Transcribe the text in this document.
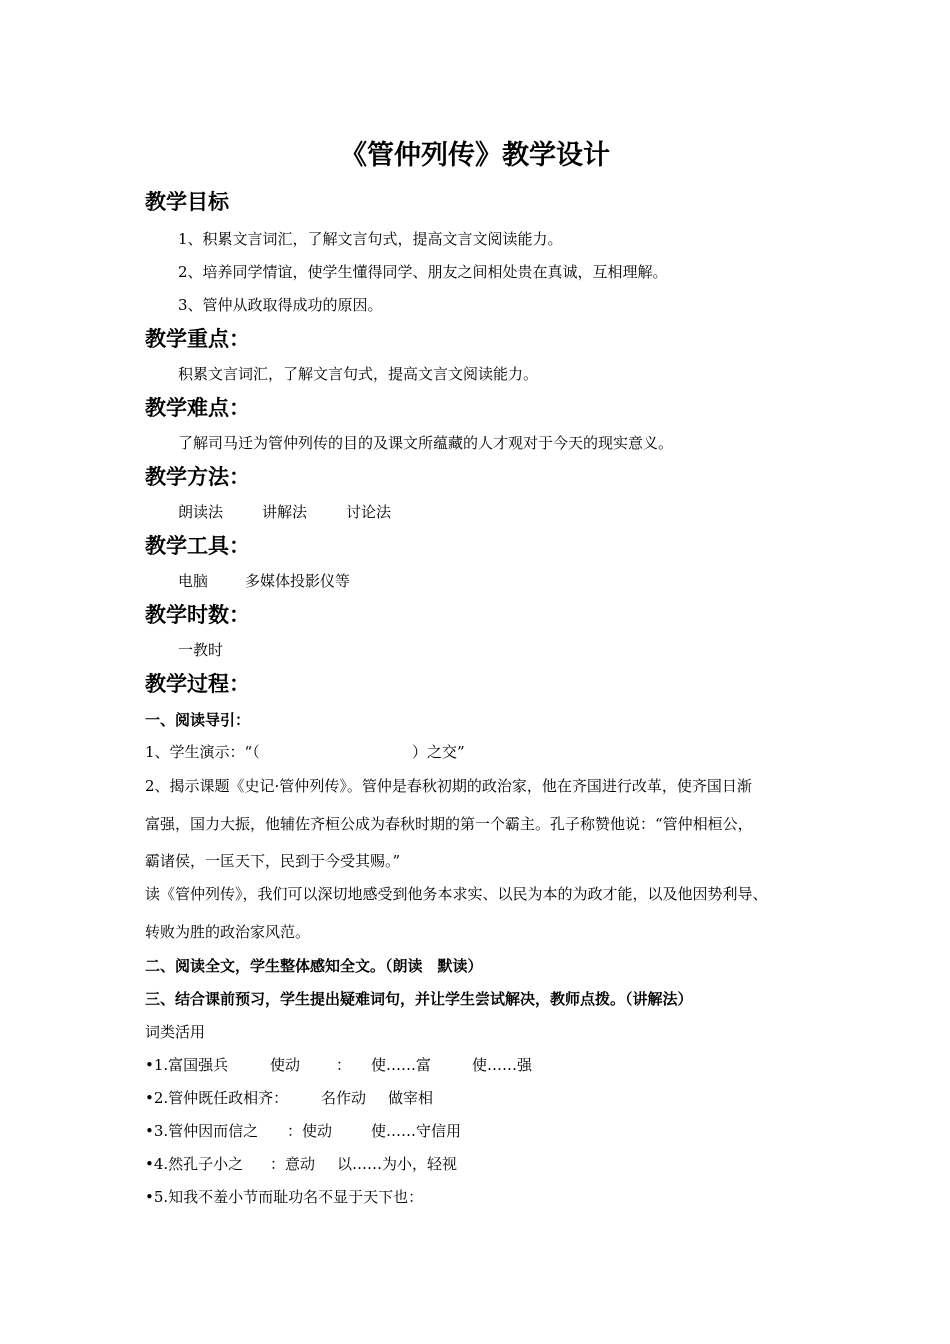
《管仲列传》教学设计
教学目标
1、积累文言词汇，了解文言句式，提高文言文阅读能力。
2、培养同学情谊，使学生懂得同学、朋友之间相处贵在真诚，互相理解。
3、管仲从政取得成功的原因。
教学重点：
积累文言词汇，了解文言句式，提高文言文阅读能力。
教学难点：
了解司马迁为管仲列传的目的及课文所蕴藏的人才观对于今天的现实意义。
教学方法：
朗读法	讲解法	讨论法
教学工具：
电脑 多媒体投影仪等
教学时数：
一教时
教学过程：
一、阅读导引：
1、学生演示：“（	）之交”
2、揭示课题《史记·管仲列传》。管仲是春秋初期的政治家，他在齐国进行改革，使齐国日渐
富强，国力大振，他辅佐齐桓公成为春秋时期的第一个霸主。孔子称赞他说：“管仲相桓公，
霸诸侯，一匡天下，民到于今受其赐。”
读《管仲列传》，我们可以深切地感受到他务本求实、以民为本的为政才能，以及他因势利导、
转败为胜的政治家风范。
二、阅读全文，学生整体感知全文。（朗读　默读）
三、结合课前预习，学生提出疑难词句，并让学生尝试解决，教师点拨。（讲解法）
词类活用
•1.富国强兵	使动 ： 使……富	使……强
•2.管仲既任政相齐： 名作动 做宰相
•3.管仲因而信之 ：使动	使……守信用
•4.然孔子小之 ：意动 以……为小，轻视
•5.知我不羞小节而耻功名不显于天下也：
